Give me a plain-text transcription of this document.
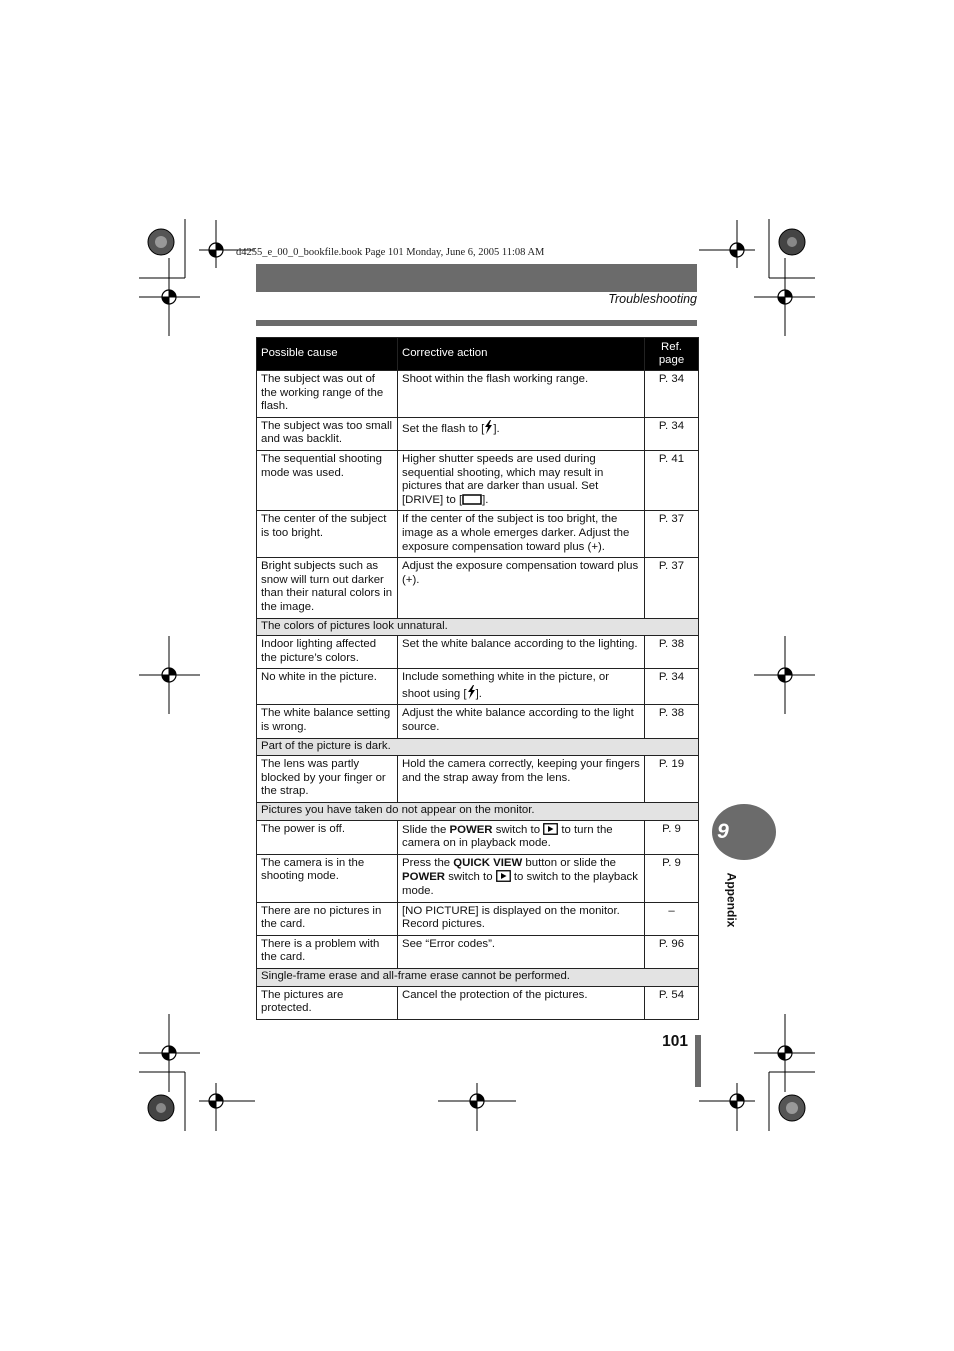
d4255_e_00_0_bookfile.book Page 101 Monday, June 6, 2005 11:08 AM
Troubleshooting
Possible cause	Corrective action	Ref. page
The subject was out of the working range of the flash.	Shoot within the flash working range.	P. 34
The subject was too small and was backlit.	Set the flash to [ ].	P. 34
The sequential shooting mode was used.	Higher shutter speeds are used during sequential shooting, which may result in pictures that are darker than usual. Set [DRIVE] to [ ].	P. 41
The center of the subject is too bright.	If the center of the subject is too bright, the image as a whole emerges darker. Adjust the exposure compensation toward plus (+).	P. 37
Bright subjects such as snow will turn out darker than their natural colors in the image.	Adjust the exposure compensation toward plus (+).	P. 37
The colors of pictures look unnatural.		
Indoor lighting affected the picture’s colors.	Set the white balance according to the lighting.	P. 38
No white in the picture.	Include something white in the picture, or shoot using [ ].	P. 34
The white balance setting is wrong.	Adjust the white balance according to the light source.	P. 38
Part of the picture is dark.		
The lens was partly blocked by your finger or the strap.	Hold the camera correctly, keeping your fingers and the strap away from the lens.	P. 19
Pictures you have taken do not appear on the monitor.		
The power is off.	Slide the POWER switch to  to turn the camera on in playback mode.	P. 9
The camera is in the shooting mode.	Press the QUICK VIEW button or slide the POWER switch to  to switch to the playback mode.	P. 9
There are no pictures in the card.	[NO PICTURE] is displayed on the monitor. Record pictures.	–
There is a problem with the card.	See “Error codes”.	P. 96
Single-frame erase and all-frame erase cannot be performed.		
The pictures are protected.	Cancel the protection of the pictures.	P. 54
9
Appendix
101
